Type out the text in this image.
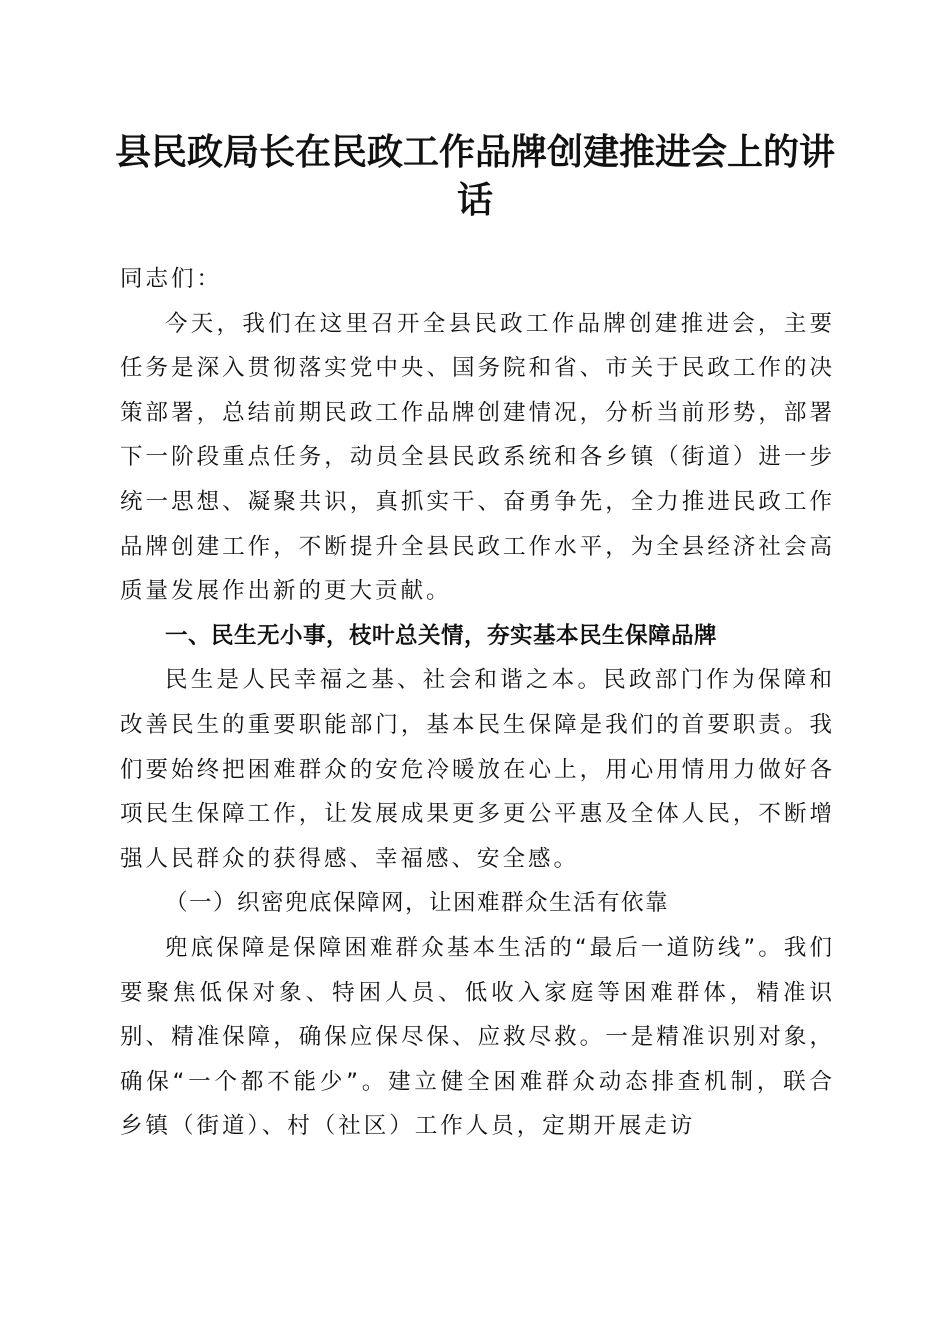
县民政局长在民政工作品牌创建推进会上的讲话

同志们：

今天，我们在这里召开全县民政工作品牌创建推进会，主要任务是深入贯彻落实党中央、国务院和省、市关于民政工作的决策部署，总结前期民政工作品牌创建情况，分析当前形势，部署下一阶段重点任务，动员全县民政系统和各乡镇（街道）进一步统一思想、凝聚共识，真抓实干、奋勇争先，全力推进民政工作品牌创建工作，不断提升全县民政工作水平，为全县经济社会高质量发展作出新的更大贡献。

一、民生无小事，枝叶总关情，夯实基本民生保障品牌

民生是人民幸福之基、社会和谐之本。民政部门作为保障和改善民生的重要职能部门，基本民生保障是我们的首要职责。我们要始终把困难群众的安危冷暖放在心上，用心用情用力做好各项民生保障工作，让发展成果更多更公平惠及全体人民，不断增强人民群众的获得感、幸福感、安全感。

（一）织密兜底保障网，让困难群众生活有依靠

兜底保障是保障困难群众基本生活的“最后一道防线”。我们要聚焦低保对象、特困人员、低收入家庭等困难群体，精准识别、精准保障，确保应保尽保、应救尽救。一是精准识别对象，确保“一个都不能少”。建立健全困难群众动态排查机制，联合乡镇（街道）、村（社区）工作人员，定期开展走访
